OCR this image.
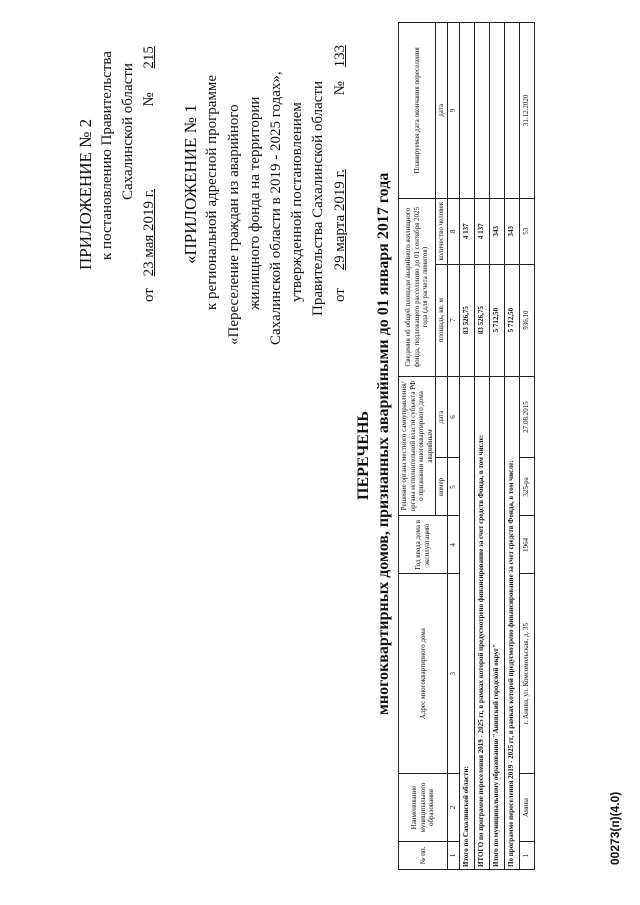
ПРИЛОЖЕНИЕ № 2 к постановлению Правительства Сахалинской области
от 23 мая 2019 г. № 215
«ПРИЛОЖЕНИЕ № 1 к региональной адресной программе «Переселение граждан из аварийного жилищного фонда на территории Сахалинской области в 2019 - 2025 годах», утвержденной постановлением Правительства Сахалинской области от 29 марта 2019 г. № 133
ПЕРЕЧЕНЬ многоквартирных домов, признанных аварийными до 01 января 2017 года
№ пп.	Наименование муниципального образования	Адрес многоквартирного дома	Год ввода дома в эксплуатацию	Решение органа местного самоуправления/органа исполнительной власти субъекта РФ о признании многоквартирного дома аварийным		Сведения об общей площади аварийного жилищного фонда, подлежащего расселению до 01 сентября 2025 года (для расчета лимитов)		Планируемая дата окончания переселения
				номер	дата	площадь, кв. м	количество человек	дата
1	2	3	4	5	6	7	8	9
Итого по Сахалинской области:						83 526,75	4 137	
ИТОГО по программе переселения 2019 - 2025 гг, в рамках которой предусмотрено финансирование за счет средств Фонда, в том числе:						83 526,75	4 137	
Итого по муниципальному образованию "Анивский городской округ"						5 712,50	343	
По программе переселения 2019 - 2025 гг, в рамках которой предусмотрено финансирование за счет средств Фонда, в том числе:						5 712,50	343	
1	Анива	г. Анива, ул. Комсомольская, д. 35	1964	325-ра	27.08.2015	936,10	53	31.12.2020
00273(п)(4.0)
